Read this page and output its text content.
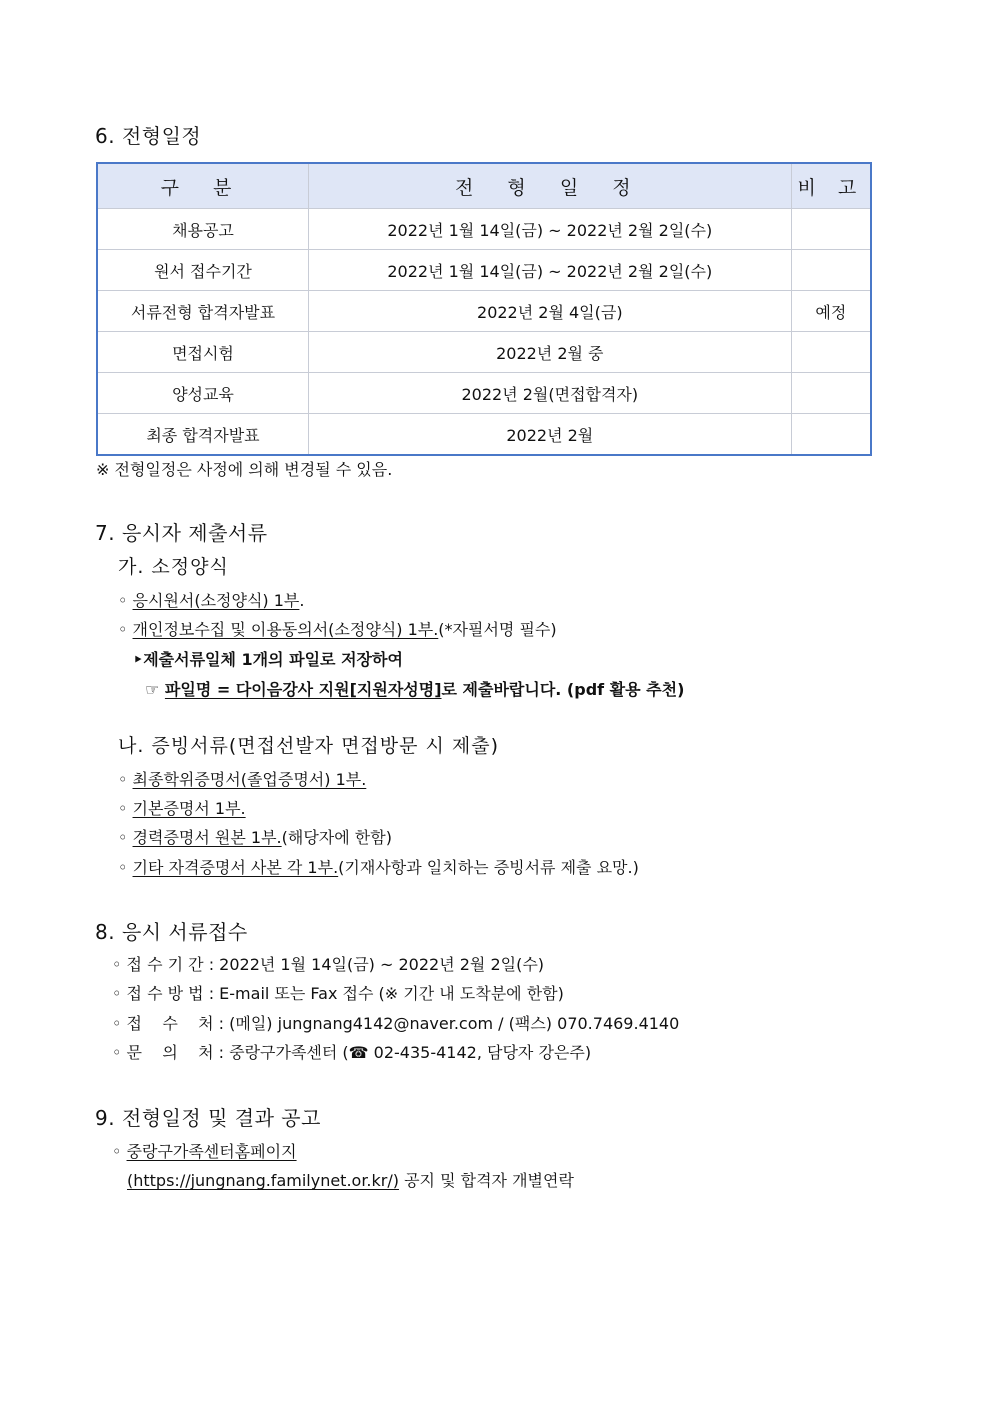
6. 전형일정
구 분	전 형 일 정	비 고
채용공고	2022년 1월 14일(금) ~ 2022년 2월 2일(수)	
원서 접수기간	2022년 1월 14일(금) ~ 2022년 2월 2일(수)	
서류전형 합격자발표	2022년 2월 4일(금)	예정
면접시험	2022년 2월 중	
양성교육	2022년 2월(면접합격자)	
최종 합격자발표	2022년 2월	
※ 전형일정은 사정에 의해 변경될 수 있음.
7. 응시자 제출서류
가. 소정양식
◦ 응시원서(소정양식) 1부.
◦ 개인정보수집 및 이용동의서(소정양식) 1부.(*자필서명 필수)
‣제출서류일체 1개의 파일로 저장하여
☞ 파일명 = 다이음강사 지원[지원자성명]로 제출바랍니다. (pdf 활용 추천)
나. 증빙서류(면접선발자 면접방문 시 제출)
◦ 최종학위증명서(졸업증명서) 1부.
◦ 기본증명서 1부.
◦ 경력증명서 원본 1부.(해당자에 한함)
◦ 기타 자격증명서 사본 각 1부.(기재사항과 일치하는 증빙서류 제출 요망.)
8. 응시 서류접수
◦ 접 수 기 간 : 2022년 1월 14일(금) ~ 2022년 2월 2일(수)
◦ 접 수 방 법 : E-mail 또는 Fax 접수 (※ 기간 내 도착분에 한함)
◦ 접    수    처 : (메일) jungnang4142@naver.com / (팩스) 070.7469.4140
◦ 문    의    처 : 중랑구가족센터 (☎ 02-435-4142, 담당자 강은주)
9. 전형일정 및 결과 공고
◦ 중랑구가족센터홈페이지
(https://jungnang.familynet.or.kr/) 공지 및 합격자 개별연락
